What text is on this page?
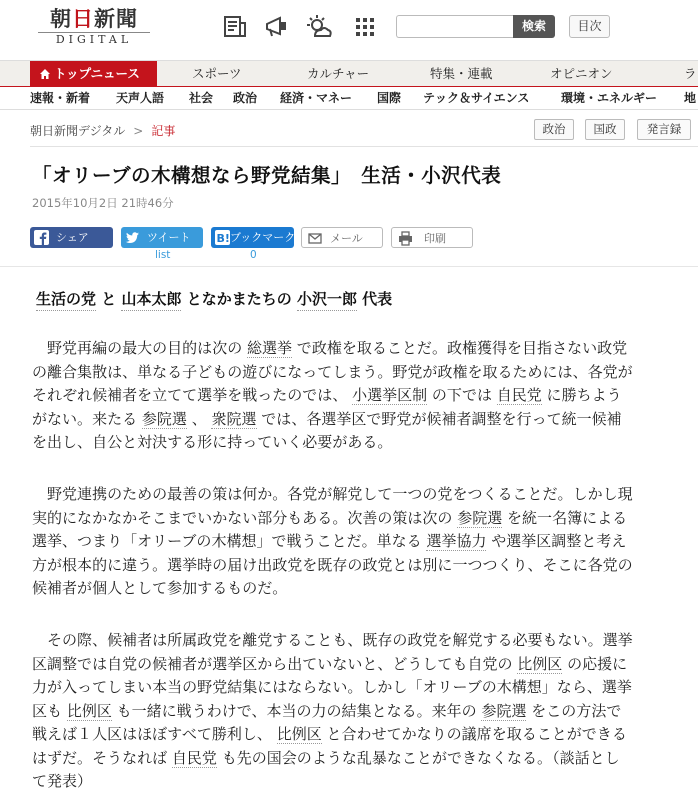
朝日新聞
DIGITAL
検索	目次
トップニュース	スポーツ	カルチャー	特集・連載	オピニオン	ラ
速報・新着 天声人語 社会 政治 経済・マネー 国際 テック＆サイエンス	環境・エネルギー 地
朝日新聞デジタル > 記事	政治	国政	発言録
「オリーブの木構想なら野党結集」　生活・小沢代表
2015年10月2日 21時46分
シェア	ツイート B! ブックマーク	メール	印刷
list	0
生活の党 と 山本太郎 となかまたちの 小沢一郎 代表
　野党再編の最大の目的は次の 総選挙 で政権を取ることだ。政権獲得を目指さない政党
の離合集散は、単なる子どもの遊びになってしまう。野党が政権を取るためには、各党が
それぞれ候補者を立てて選挙を戦ったのでは、 小選挙区制 の下では 自民党 に勝ちよう
がない。来たる 参院選 、 衆院選 では、各選挙区で野党が候補者調整を行って統一候補
を出し、自公と対決する形に持っていく必要がある。
　野党連携のための最善の策は何か。各党が解党して一つの党をつくることだ。しかし現
実的になかなかそこまでいかない部分もある。次善の策は次の 参院選 を統一名簿による
選挙、つまり「オリーブの木構想」で戦うことだ。単なる 選挙協力 や選挙区調整と考え
方が根本的に違う。選挙時の届け出政党を既存の政党とは別に一つつくり、そこに各党の
候補者が個人として参加するものだ。
　その際、候補者は所属政党を離党することも、既存の政党を解党する必要もない。選挙
区調整では自党の候補者が選挙区から出ていないと、どうしても自党の 比例区 の応援に
力が入ってしまい本当の野党結集にはならない。しかし「オリーブの木構想」なら、選挙
区も 比例区 も一緒に戦うわけで、本当の力の結集となる。来年の 参院選 をこの方法で
戦えば１人区はほぼすべて勝利し、 比例区 と合わせてかなりの議席を取ることができる
はずだ。そうなれば 自民党 も先の国会のような乱暴なことができなくなる。（談話とし
て発表）
